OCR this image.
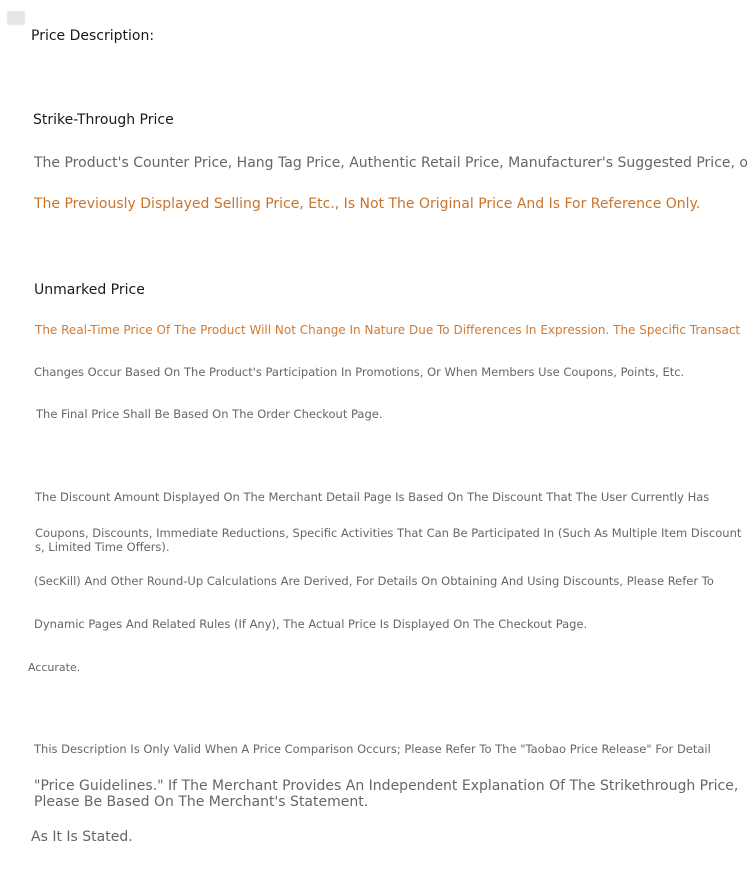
Price Description:

Strike-Through Price

The Product's Counter Price, Hang Tag Price, Authentic Retail Price, Manufacturer's Suggested Price, o

The Previously Displayed Selling Price, Etc., Is Not The Original Price And Is For Reference Only.

Unmarked Price

The Real-Time Price Of The Product Will Not Change In Nature Due To Differences In Expression. The Specific Transact

Changes Occur Based On The Product's Participation In Promotions, Or When Members Use Coupons, Points, Etc.

The Final Price Shall Be Based On The Order Checkout Page.

The Discount Amount Displayed On The Merchant Detail Page Is Based On The Discount That The User Currently Has

Coupons, Discounts, Immediate Reductions, Specific Activities That Can Be Participated In (Such As Multiple Item Discounts, Limited Time Offers).

(SecKill) And Other Round-Up Calculations Are Derived, For Details On Obtaining And Using Discounts, Please Refer To

Dynamic Pages And Related Rules (If Any), The Actual Price Is Displayed On The Checkout Page.

Accurate.

This Description Is Only Valid When A Price Comparison Occurs; Please Refer To The "Taobao Price Release" For Detail

"Price Guidelines." If The Merchant Provides An Independent Explanation Of The Strikethrough Price, Please Be Based On The Merchant's Statement.

As It Is Stated.
